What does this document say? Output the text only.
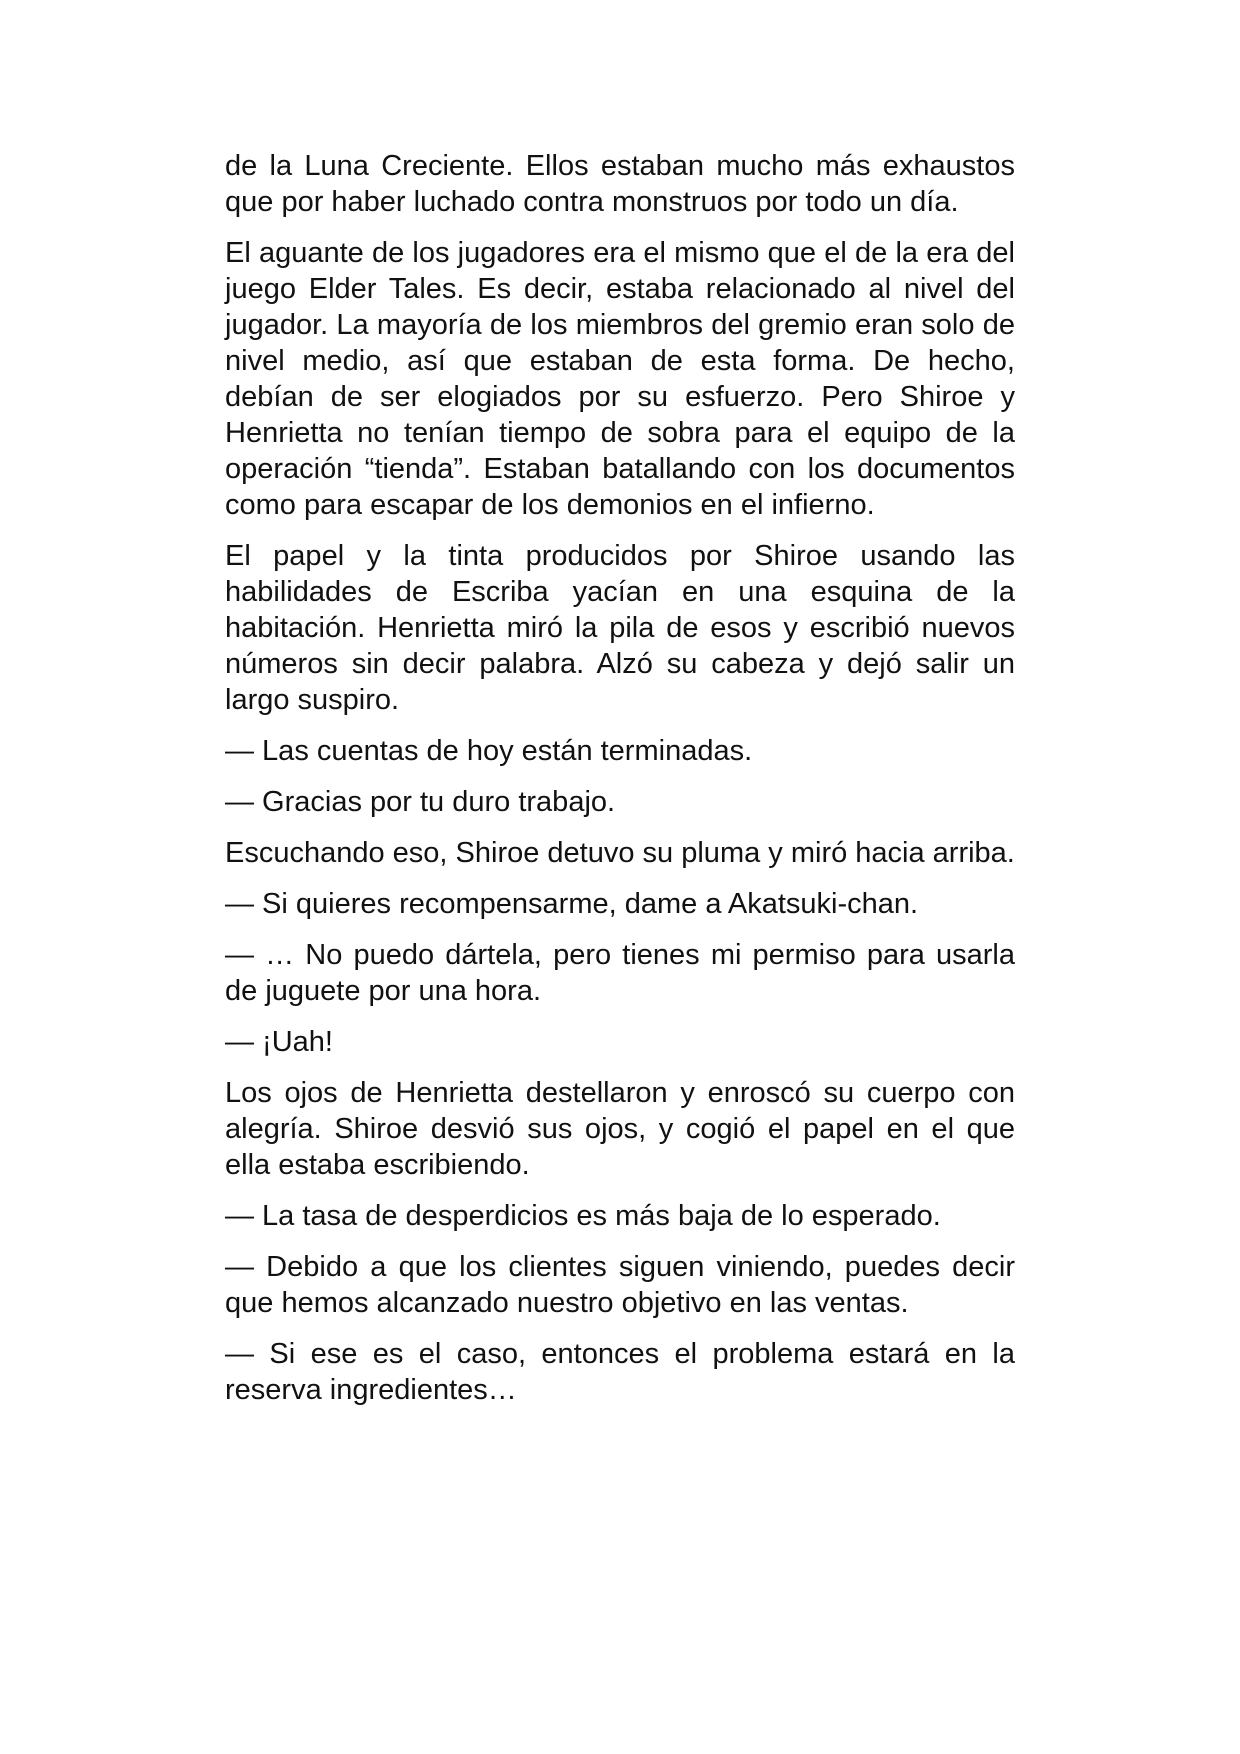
de la Luna Creciente. Ellos estaban mucho más exhaustos que por haber luchado contra monstruos por todo un día.

El aguante de los jugadores era el mismo que el de la era del juego Elder Tales. Es decir, estaba relacionado al nivel del jugador. La mayoría de los miembros del gremio eran solo de nivel medio, así que estaban de esta forma. De hecho, debían de ser elogiados por su esfuerzo. Pero Shiroe y Henrietta no tenían tiempo de sobra para el equipo de la operación “tienda”. Estaban batallando con los documentos como para escapar de los demonios en el infierno.

El papel y la tinta producidos por Shiroe usando las habilidades de Escriba yacían en una esquina de la habitación. Henrietta miró la pila de esos y escribió nuevos números sin decir palabra. Alzó su cabeza y dejó salir un largo suspiro.

— Las cuentas de hoy están terminadas.

— Gracias por tu duro trabajo.

Escuchando eso, Shiroe detuvo su pluma y miró hacia arriba.

— Si quieres recompensarme, dame a Akatsuki-chan.

— … No puedo dártela, pero tienes mi permiso para usarla de juguete por una hora.

— ¡Uah!

Los ojos de Henrietta destellaron y enroscó su cuerpo con alegría. Shiroe desvió sus ojos, y cogió el papel en el que ella estaba escribiendo.

— La tasa de desperdicios es más baja de lo esperado.

— Debido a que los clientes siguen viniendo, puedes decir que hemos alcanzado nuestro objetivo en las ventas.

— Si ese es el caso, entonces el problema estará en la reserva ingredientes…
